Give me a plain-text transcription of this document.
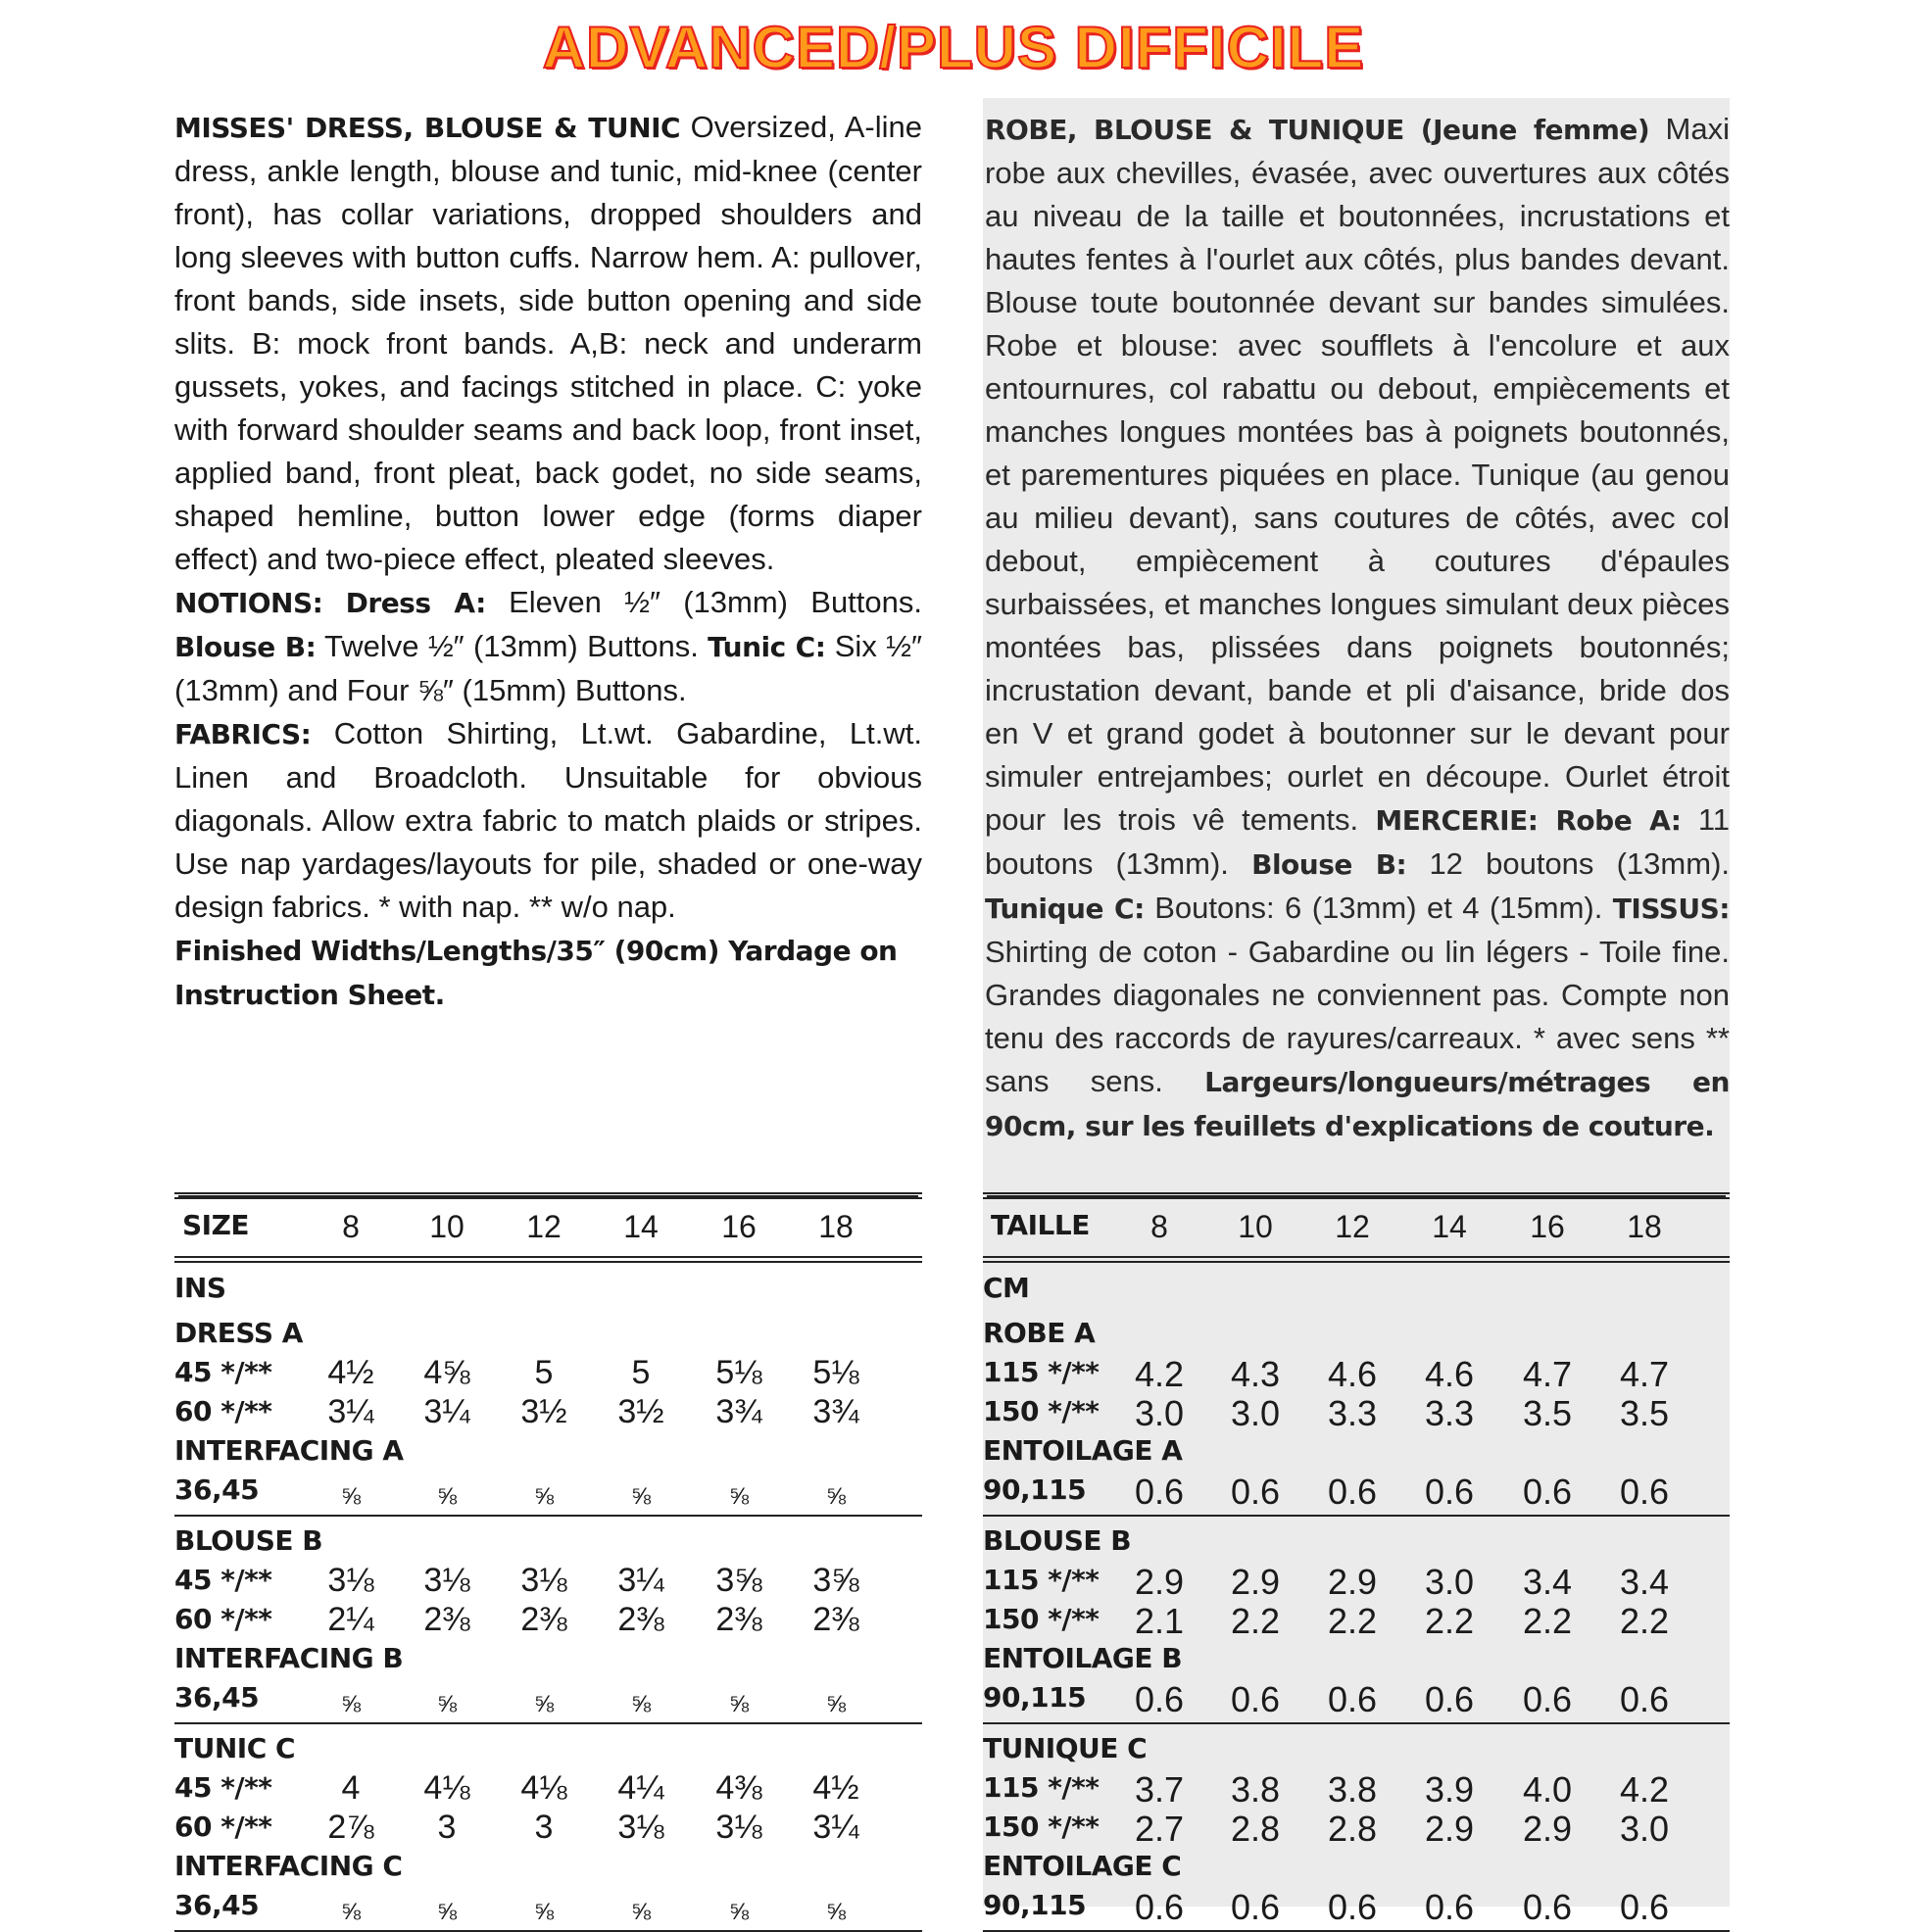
ADVANCED/PLUS DIFFICILE

MISSES' DRESS, BLOUSE & TUNIC Oversized, A-line dress, ankle length, blouse and tunic, mid-knee (center front), has collar variations, dropped shoulders and long sleeves with button cuffs. Narrow hem. A: pullover, front bands, side insets, side button opening and side slits. B: mock front bands. A,B: neck and underarm gussets, yokes, and facings stitched in place. C: yoke with forward shoulder seams and back loop, front inset, applied band, front pleat, back godet, no side seams, shaped hemline, button lower edge (forms diaper effect) and two-piece effect, pleated sleeves.

NOTIONS: Dress A: Eleven ½″ (13mm) Buttons. Blouse B: Twelve ½″ (13mm) Buttons. Tunic C: Six ½″ (13mm) and Four ⅝″ (15mm) Buttons.

FABRICS: Cotton Shirting, Lt.wt. Gabardine, Lt.wt. Linen and Broadcloth. Unsuitable for obvious diagonals. Allow extra fabric to match plaids or stripes. Use nap yardages/layouts for pile, shaded or one-way design fabrics. * with nap. ** w/o nap.

Finished Widths/Lengths/35″ (90cm) Yardage on Instruction Sheet.

ROBE, BLOUSE & TUNIQUE (Jeune femme) Maxi robe aux chevilles, évasée, avec ouvertures aux côtés au niveau de la taille et boutonnées, incrustations et hautes fentes à l'ourlet aux côtés, plus bandes devant. Blouse toute boutonnée devant sur bandes simulées. Robe et blouse: avec soufflets à l'encolure et aux entournures, col rabattu ou debout, empiècements et manches longues montées bas à poignets boutonnés, et parementures piquées en place. Tunique (au genou au milieu devant), sans coutures de côtés, avec col debout, empiècement à coutures d'épaules surbaissées, et manches longues simulant deux pièces montées bas, plissées dans poignets boutonnés; incrustation devant, bande et pli d'aisance, bride dos en V et grand godet à boutonner sur le devant pour simuler entrejambes; ourlet en découpe. Ourlet étroit pour les trois vê tements. MERCERIE: Robe A: 11 boutons (13mm). Blouse B: 12 boutons (13mm). Tunique C: Boutons: 6 (13mm) et 4 (15mm). TISSUS: Shirting de coton - Gabardine ou lin légers - Toile fine. Grandes diagonales ne conviennent pas. Compte non tenu des raccords de rayures/carreaux. * avec sens ** sans sens. Largeurs/longueurs/métrages en 90cm, sur les feuillets d'explications de couture.

SIZE	8	10	12	14	16	18
INS
DRESS A
45 */**	4½	4⅝	5	5	5⅛	5⅛
60 */**	3¼	3¼	3½	3½	3¾	3¾
INTERFACING A
36,45	⅝	⅝	⅝	⅝	⅝	⅝
BLOUSE B
45 */**	3⅛	3⅛	3⅛	3¼	3⅝	3⅝
60 */**	2¼	2⅜	2⅜	2⅜	2⅜	2⅜
INTERFACING B
36,45	⅝	⅝	⅝	⅝	⅝	⅝
TUNIC C
45 */**	4	4⅛	4⅛	4¼	4⅜	4½
60 */**	2⅞	3	3	3⅛	3⅛	3¼
INTERFACING C
36,45	⅝	⅝	⅝	⅝	⅝	⅝
TAILLE	8	10	12	14	16	18
CM
ROBE A
115 */**	4.2	4.3	4.6	4.6	4.7	4.7
150 */**	3.0	3.0	3.3	3.3	3.5	3.5
ENTOILAGE A
90,115	0.6	0.6	0.6	0.6	0.6	0.6
BLOUSE B
115 */**	2.9	2.9	2.9	3.0	3.4	3.4
150 */**	2.1	2.2	2.2	2.2	2.2	2.2
ENTOILAGE B
90,115	0.6	0.6	0.6	0.6	0.6	0.6
TUNIQUE C
115 */**	3.7	3.8	3.8	3.9	4.0	4.2
150 */**	2.7	2.8	2.8	2.9	2.9	3.0
ENTOILAGE C
90,115	0.6	0.6	0.6	0.6	0.6	0.6
